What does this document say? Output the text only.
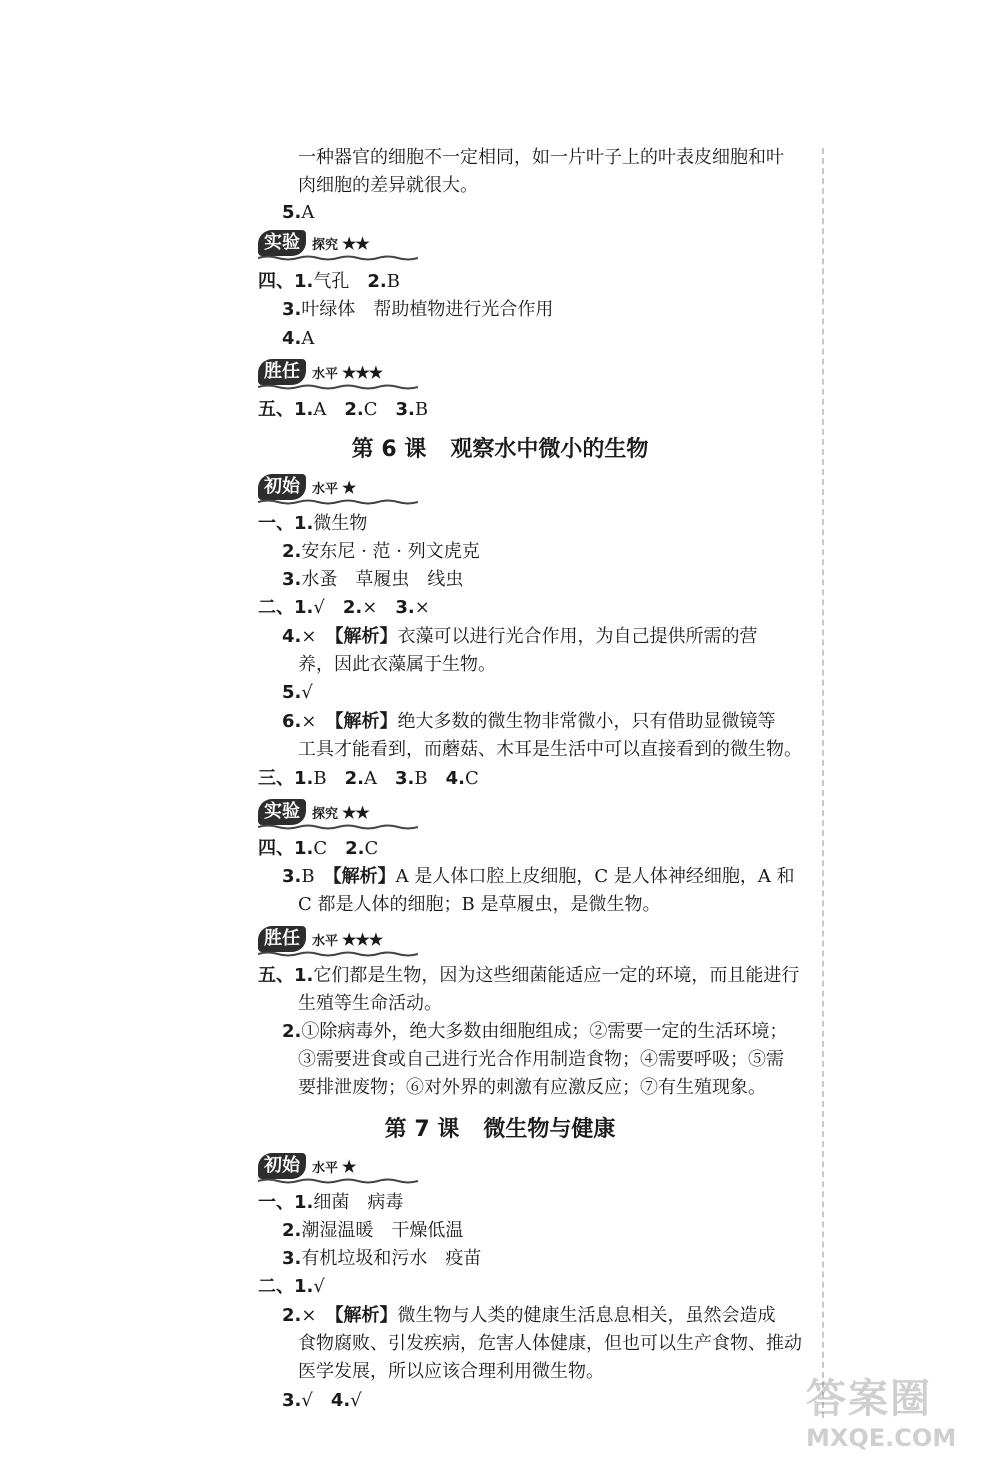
一种器官的细胞不一定相同，如一片叶子上的叶表皮细胞和叶
肉细胞的差异就很大。
5.A
实验 探究 ★★
四、1.气孔　 2.B
3.叶绿体　帮助植物进行光合作用
4.A
胜任 水平 ★★★
五、1.A　 2.C　 3.B
第 6 课 观察水中微小的生物
初始 水平 ★
一、1.微生物
2.安东尼 · 范 · 列文虎克
3.水蚤　草履虫　线虫
二、1.√　 2.×　 3.×
4.×　 【解析】衣藻可以进行光合作用，为自己提供所需的营
养，因此衣藻属于生物。
5.√
6.×　 【解析】绝大多数的微生物非常微小，只有借助显微镜等
工具才能看到，而蘑菇、木耳是生活中可以直接看到的微生物。
三、1.B　 2.A　 3.B　 4.C
实验 探究 ★★
四、1.C　 2.C
3.B　 【解析】A 是人体口腔上皮细胞，C 是人体神经细胞，A 和
C 都是人体的细胞；B 是草履虫，是微生物。
胜任 水平 ★★★
五、1.它们都是生物，因为这些细菌能适应一定的环境，而且能进行
生殖等生命活动。
2.①除病毒外，绝大多数由细胞组成；②需要一定的生活环境；
③需要进食或自己进行光合作用制造食物；④需要呼吸；⑤需
要排泄废物；⑥对外界的刺激有应激反应；⑦有生殖现象。
第 7 课 微生物与健康
初始 水平 ★
一、1.细菌　病毒
2.潮湿温暖　干燥低温
3.有机垃圾和污水　疫苗
二、1.√
2.×　 【解析】微生物与人类的健康生活息息相关，虽然会造成
食物腐败、引发疾病，危害人体健康，但也可以生产食物、推动
医学发展，所以应该合理利用微生物。
3.√　 4.√	答案圈
MXQE.COM
